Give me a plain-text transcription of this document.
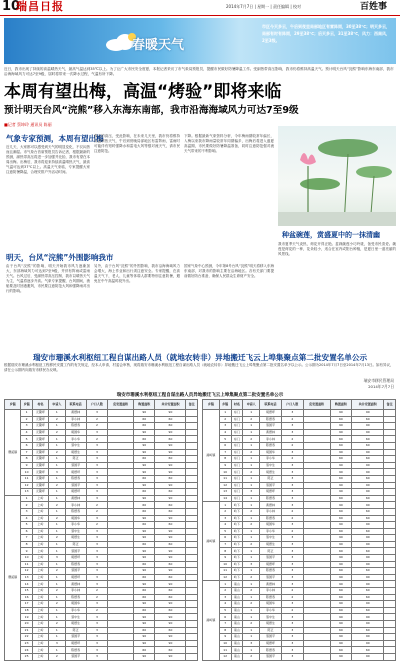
10
瑞昌日报	2014年7月7日 | 星期一 | 责任编辑 | 校对	百姓事
春暖天气
市区今天多云，午后到夜里局部地区有雷阵雨，30至38℃；明天多云，局部有时有阵雨，29至38℃；后天多云，31至38℃，风力：西南风，2至3级。
近日，我市出现了持续的高温晴热天气，最高气温达到35℃以上。为了让广大市民安全度夏，本报记者采访了市气象局预报员，提醒市民做好防暑降温工作。受副热带高压影响，我市仍将维持高温天气。预计明天台风“浣熊”影响东海东南部，我市沿海海域风力可达7至9级，届时将带来一次降水过程，气温有所下降。
本周有望出梅，高温“烤验”即将来临
预计明天台风“浣熊”移入东海东南部，我市沿海海域风力可达7至9级
■记者 蔡坤玲 通讯员 陈丽
气象专家预测，本周有望出梅
近几天，大家都可以感受到天气的明显变化，不仅闷热而且潮湿。市气象台首席预报员告诉记者，根据最新的预测，副热带高压将进一步加强并北抬，我市有望在本周出梅。出梅后，我市将迎来持续高温晴热天气，最高气温可达到37℃以上。高温天气来临，专家提醒大家注意防暑降温，合理安排户外活动时间。
明天，台风“浣熊”外围影响我市
由于台风“浣熊”的影响，明天开始我市风力逐渐加大，东部海域风力可达到7至9级，并伴有阵雨或雷雨天气。台风过后，受副热带高压控制，我市以晴热天气为主，气温将逐步升高。气象专家提醒，台风期间，渔船要及时回港避风，市民要注意防范大风和强降雨对出行的影响。
强大的高压，受此影响，在未来几天里，我市仍将维持高温晴热天气，午后到傍晚局部地区有雷阵雨，雷雨时可能伴有短时强降水和雷电大风等强对流天气，请市民注意防范。
另外，由于台风“浣熊”的外围影响，我市沿海海域风力会增大，海上作业和出行须注意安全。专家提醒，在高温天气下，老人、儿童等体弱人群要特别注意防暑，避免在中午高温时段外出。
下降。根据最新气象资料分析，今年梅雨期较常年偏长，入梅以来我市降雨量较常年同期偏多，出梅后将进入盛夏高温期，市民要做好防暑降温准备，同时注意防范强对流天气带来的不利影响。
国家气象中心预测，今年第8号台风“浣熊”明天将移入东海东南部，对我市的影响主要在沿海地区。各有关部门要提前做好防台准备，确保人民群众生命财产安全。
种盆碗莲，赏盛夏中的一抹清幽
我市夏季天气炎热，荷花开得正艳。盆栽碗莲小巧玲珑，备受市民喜爱。碗莲是荷花的一种，花朵较小，适合在室内或阳台种植，是夏日里一道亮丽的风景线。
瑞安市珊溪水利枢纽工程自谋出路人员（就地农转非）异地搬迁飞云上埠集聚点第二批安置名单公示
根据瑞安市珊溪水利枢纽工程移民安置工作的有关规定，经本人申请，村委会审核，现将瑞安市珊溪水利枢纽工程自谋出路人员（就地农转非）异地搬迁飞云上埠集聚点第二批安置名单予以公示。公示期为2014年7月7日至2014年7月13日。如有异议，请在公示期内向瑞安市移民办反映。
瑞安市移民管理局
2014年7月7日
瑞安市珊溪水利枢纽工程自谋出路人员异地搬迁飞云上埠集聚点第二批安置名单公示
乡镇	乡镇	村名	申请人	联系电话	户口人数	应安置面积	购置面积	共计安置面积	备注
珊溪镇	1	元鳌坪	1	黄德林	3		90	90	
	2	元鳌坪	2	李小林	2		60	60	
	3	元鳌坪	1	陈德寿	2		60	60	
	4	元鳌坪	2	胡国华	3		90	90	
	5	元鳌坪	1	李小华	2		60	60	
	6	元鳌坪	1	蔡中生	3		90	90	
	7	元鳌坪	2	胡德生	3		90	90	
	8	元鳌坪	1	陈正	3		60	60	
	9	元鳌坪	1	蔡国平	3		90	90	
	10	元鳌坪	3	胡德坪	3		90	90	
	11	元鳌坪	1	陈德寿	3		60	60	
	12	元鳌坪	2	蔡国平	3		90	90	
	13	元鳌坪	1	胡德坪	3		60	60	
珊溪镇	1	上岭	1	黄德林	3		90	90	
	2	上岭	2	李小林	2		60	60	
	3	上岭	1	陈德寿	2		60	60	
	4	上岭	2	胡国华	3		90	90	
	5	上岭	1	李小华	2		60	60	
	6	上岭	1	蔡中生	3		90	90	
	7	上岭	2	胡德生	3		90	90	
	8	上岭	1	陈正	3		60	60	
	9	上岭	1	蔡国平	3		90	90	
	10	上岭	3	胡德坪	3		90	90	
	11	上岭	1	陈德寿	3		60	60	
	12	上岭	2	蔡国平	3		90	90	
	13	上岭	1	胡德坪	3		60	60	
	14	上岭	1	黄德林	3		90	90	
	15	上岭	2	李小林	2		60	60	
	16	上岭	1	陈德寿	2		60	60	
	17	上岭	2	胡国华	3		90	90	
	18	上岭	1	李小华	2		60	60	
	19	上岭	1	蔡中生	3		90	90	
	20	上岭	2	胡德生	3		90	90	
	21	上岭	1	陈正	3		60	60	
	22	上岭	1	蔡国平	3		90	90	
	23	上岭	3	胡德坪	3		90	90	
	24	上岭	1	陈德寿	3		60	60	
	25	上岭	2	蔡国平	3		90	90	
乡镇	乡镇	村名	申请人	联系电话	户口人数	应安置面积	购置面积	共计安置面积	备注
湖岭镇	1	东门	1	胡德坪	3		90	90	
	2	东门	2	陈德寿	2		60	60	
	3	东门	1	蔡国平	3		90	90	
	4	东门	1	黄德林	3		90	90	
	5	东门	2	李小林	2		60	60	
	6	东门	1	陈德寿	2		60	60	
	7	东门	2	胡国华	3		90	90	
	8	东门	1	李小华	2		60	60	
	9	东门	1	蔡中生	3		90	90	
	10	东门	2	胡德生	3		90	90	
	11	东门	1	陈正	3		60	60	
	12	东门	1	蔡国平	3		90	90	
	13	东门	3	胡德坪	3		90	90	
	14	东门	1	陈德寿	3		60	60	
湖岭镇	1	岭下	1	黄德林	3		90	90	
	2	岭下	2	李小林	2		60	60	
	3	岭下	1	陈德寿	2		60	60	
	4	岭下	2	胡国华	3		90	90	
	5	岭下	1	李小华	2		60	60	
	6	岭下	1	蔡中生	3		90	90	
	7	岭下	2	胡德生	3		90	90	
	8	岭下	1	陈正	3		60	60	
	9	岭下	1	蔡国平	3		90	90	
	10	岭下	3	胡德坪	3		90	90	
	11	岭下	1	陈德寿	3		60	60	
	12	岭下	2	蔡国平	3		90	90	
湖岭镇	1	南山	1	黄德林	3		90	90	
	2	南山	2	李小林	2		60	60	
	3	南山	1	陈德寿	2		60	60	
	4	南山	2	胡国华	3		90	90	
	5	南山	1	李小华	2		60	60	
	6	南山	1	蔡中生	3		90	90	
	7	南山	2	胡德生	3		90	90	
	8	南山	1	陈正	3		60	60	
	9	南山	1	蔡国平	3		90	90	
	10	南山	3	胡德坪	3		90	90	
	11	南山	1	陈德寿	3		60	60	
	12	南山	2	蔡国平	3		90	90	
